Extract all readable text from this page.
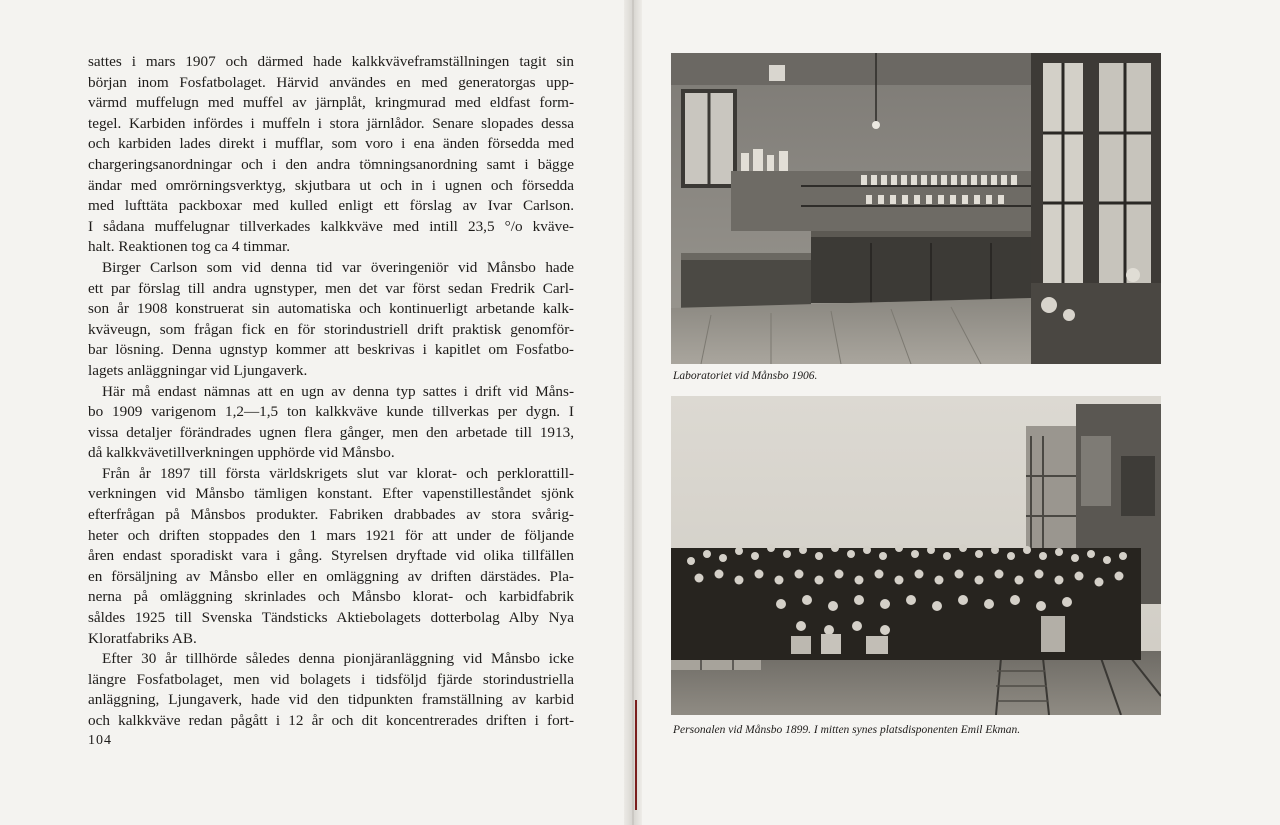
sattes i mars 1907 och därmed hade kalkkväveframställningen tagit sin
början inom Fosfatbolaget. Härvid användes en med generatorgas upp-
värmd muffelugn med muffel av järnplåt, kringmurad med eldfast form-
tegel. Karbiden infördes i muffeln i stora järnlådor. Senare slopades dessa
och karbiden lades direkt i mufflar, som voro i ena änden försedda med
chargeringsanordningar och i den andra tömningsanordning samt i bägge
ändar med omrörningsverktyg, skjutbara ut och in i ugnen och försedda
med lufttäta packboxar med kulled enligt ett förslag av Ivar Carlson.
I sådana muffelugnar tillverkades kalkkväve med intill 23,5 °/o kväve-
halt. Reaktionen tog ca 4 timmar.
Birger Carlson som vid denna tid var överingeniör vid Månsbo hade
ett par förslag till andra ugnstyper, men det var först sedan Fredrik Carl-
son år 1908 konstruerat sin automatiska och kontinuerligt arbetande kalk-
kväveugn, som frågan fick en för storindustriell drift praktisk genomför-
bar lösning. Denna ugnstyp kommer att beskrivas i kapitlet om Fosfatbo-
lagets anläggningar vid Ljungaverk.
Här må endast nämnas att en ugn av denna typ sattes i drift vid Måns-
bo 1909 varigenom 1,2—1,5 ton kalkkväve kunde tillverkas per dygn. I
vissa detaljer förändrades ugnen flera gånger, men den arbetade till 1913,
då kalkkvävetillverkningen upphörde vid Månsbo.
Från år 1897 till första världskrigets slut var klorat- och perklorattill-
verkningen vid Månsbo tämligen konstant. Efter vapenstilleståndet sjönk
efterfrågan på Månsbos produkter. Fabriken drabbades av stora svårig-
heter och driften stoppades den 1 mars 1921 för att under de följande
åren endast sporadiskt vara i gång. Styrelsen dryftade vid olika tillfällen
en försäljning av Månsbo eller en omläggning av driften därstädes. Pla-
nerna på omläggning skrinlades och Månsbo klorat- och karbidfabrik
såldes 1925 till Svenska Tändsticks Aktiebolagets dotterbolag Alby Nya
Kloratfabriks AB.
Efter 30 år tillhörde således denna pionjäranläggning vid Månsbo icke
längre Fosfatbolaget, men vid bolagets i tidsföljd fjärde storindustriella
anläggning, Ljungaverk, hade vid den tidpunkten framställning av karbid
och kalkkväve redan pågått i 12 år och dit koncentrerades driften i fort-
104
Laboratoriet vid Månsbo 1906.
Personalen vid Månsbo 1899. I mitten synes platsdisponenten Emil Ekman.
